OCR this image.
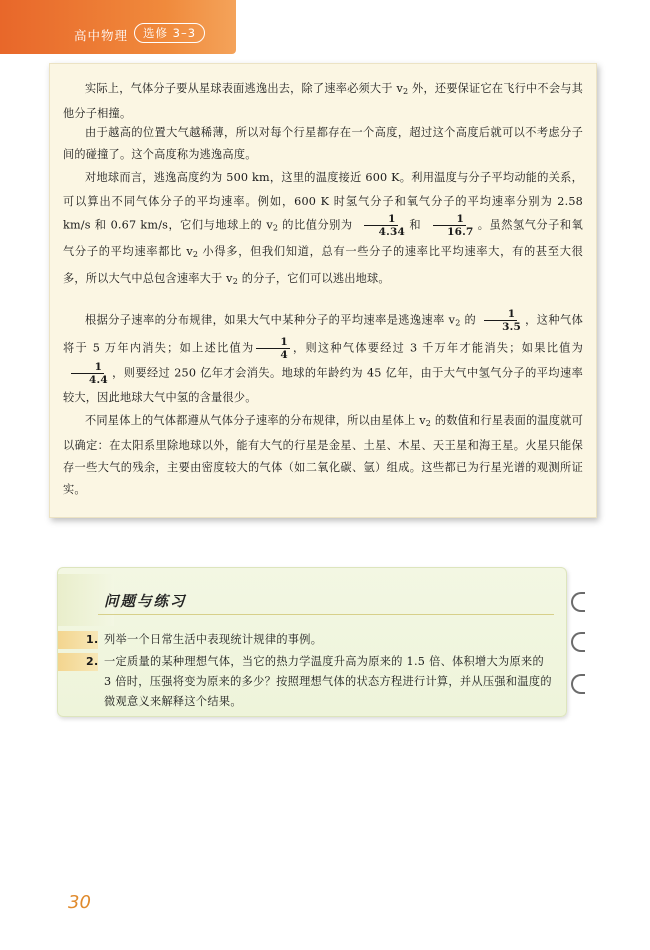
高中物理	选修 3–3

实际上，气体分子要从星球表面逃逸出去，除了速率必须大于 $v_2$ 外，还要保证它在飞行中不会与其他分子相撞。

由于越高的位置大气越稀薄，所以对每个行星都存在一个高度，超过这个高度后就可以不考虑分子间的碰撞了。这个高度称为逃逸高度。

对地球而言，逃逸高度约为 500 km，这里的温度接近 600 K。利用温度与分子平均动能的关系，可以算出不同气体分子的平均速率。例如，600 K 时氢气分子和氧气分子的平均速率分别为 2.58 km/s 和 0.67 km/s，它们与地球上的 $v_2$ 的比值分别为 $\frac{1}{4.34}$ 和 $\frac{1}{16.7}$ 。虽然氢气分子和氧气分子的平均速率都比 $v_2$ 小得多，但我们知道，总有一些分子的速率比平均速率大，有的甚至大很多，所以大气中总包含速率大于 $v_2$ 的分子，它们可以逃出地球。

根据分子速率的分布规律，如果大气中某种分子的平均速率是逃逸速率 $v_2$ 的 $\frac{1}{3.5}$ ，这种气体将于 5 万年内消失；如上述比值为 $\frac{1}{4}$ ，则这种气体要经过 3 千万年才能消失；如果比值为
$\frac{1}{4.4}$ ，则要经过 250 亿年才会消失。地球的年龄约为 45 亿年，由于大气中氢气分子的平均速率较大，因此地球大气中氢的含量很少。

不同星体上的气体都遵从气体分子速率的分布规律，所以由星体上 $v_2$ 的数值和行星表面的温度就可以确定：在太阳系里除地球以外，能有大气的行星是金星、土星、木星、天王星和海王星。火星只能保存一些大气的残余，主要由密度较大的气体（如二氧化碳、氩）组成。这些都已为行星光谱的观测所证实。

问题与练习
1. 列举一个日常生活中表现统计规律的事例。
2. 一定质量的某种理想气体，当它的热力学温度升高为原来的 1.5 倍、体积增大为原来的 3 倍时，压强将变为原来的多少？按照理想气体的状态方程进行计算，并从压强和温度的微观意义来解释这个结果。
30
